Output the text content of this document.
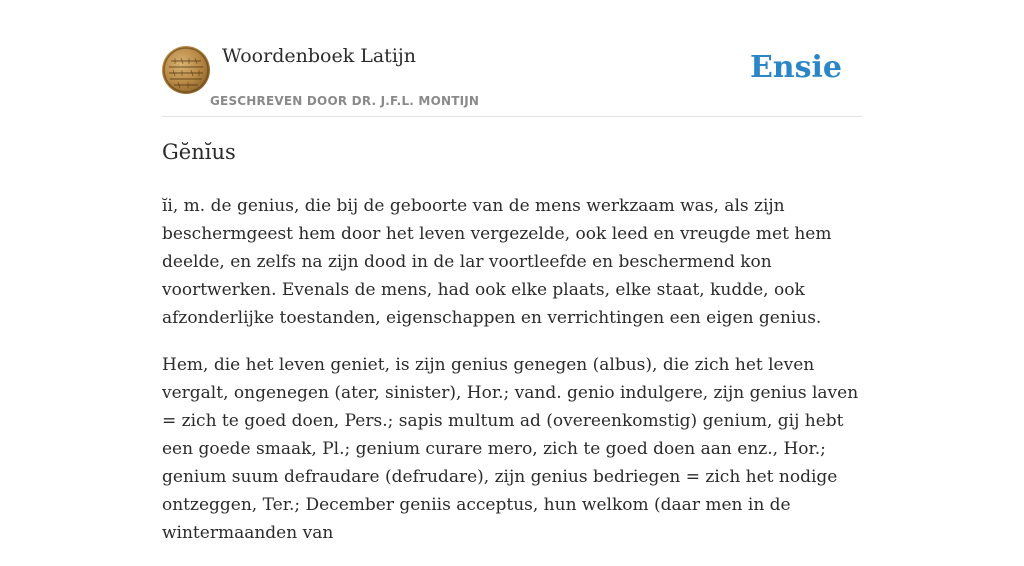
Woordenboek Latijn
GESCHREVEN DOOR DR. J.F.L. MONTIJN
Ensie
Gĕnĭus

ĭi, m. de genius, die bij de geboorte van de mens werkzaam was, als zijn beschermgeest hem door het leven vergezelde, ook leed en vreugde met hem deelde, en zelfs na zijn dood in de lar voortleefde en beschermend kon voortwerken. Evenals de mens, had ook elke plaats, elke staat, kudde, ook afzonderlijke toestanden, eigenschappen en verrichtingen een eigen genius.

Hem, die het leven geniet, is zijn genius genegen (albus), die zich het leven vergalt, ongenegen (ater, sinister), Hor.; vand. genio indulgere, zijn genius laven = zich te goed doen, Pers.; sapis multum ad (overeenkomstig) genium, gij hebt een goede smaak, Pl.; genium curare mero, zich te goed doen aan enz., Hor.; genium suum defraudare (defrudare), zijn genius bedriegen = zich het nodige ontzeggen, Ter.; December geniis acceptus, hun welkom (daar men in de wintermaanden van
